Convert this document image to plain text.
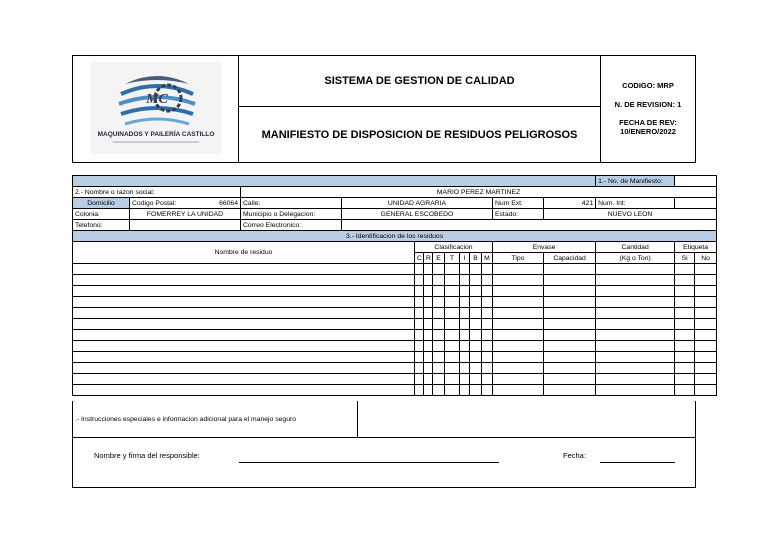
MC
MAQUINADOS Y PAILERÍA CASTILLO
SISTEMA DE GESTION DE CALIDAD
MANIFIESTO DE DISPOSICION DE RESIDUOS PELIGROSOS
CODIGO: MRP
N. DE REVISION: 1
FECHA DE REV:
10/ENERO/2022
													1.- No. de Manifiesto:		
2.- Nombre o razon social:		MARIO PEREZ MARTINEZ													
Domicilio	Codigo Postal: 66064	Calle:	UNIDAD AGRARIA								Num Ext:	421	Num. Int:		
Colonia:	FOMERREY LA UNIDAD	Municipio o Delegacion:	GENERAL ESCOBEDO								Estado:	NUEVO LEON			
Telefono:		Correo Electronico:													
3.- Identificacion de los residuos															
Nombre de residuo				Clasificacion							Envase		Cantidad	Etiqueta	
				C	R	E	T	I	B	M	Tipo	Capacidad	(Kg o Ton)	Si	No

.- Instrucciones especiales e informacion adicional para el manejo seguro
Nombre y firma del responsible:	Fecha:
